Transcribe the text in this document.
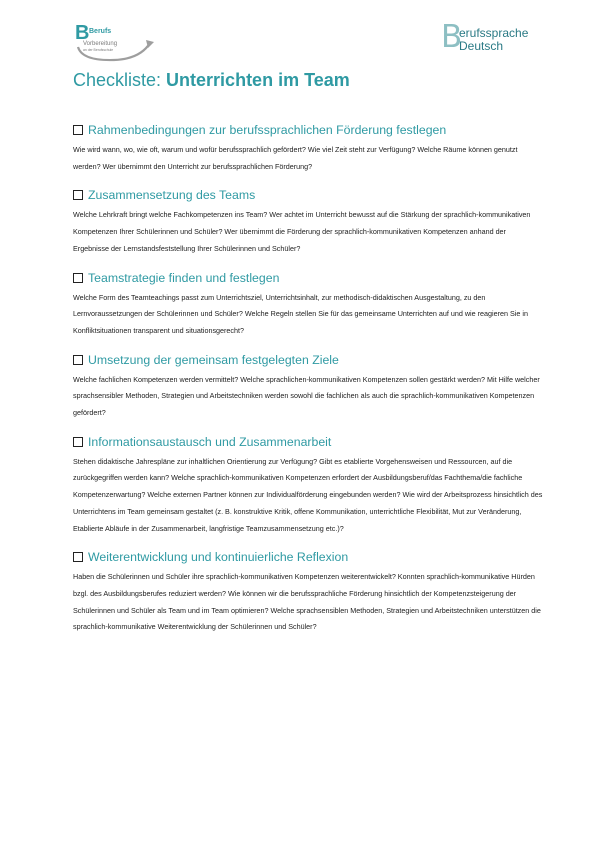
B Berufs
Vorbereitung
an der Berufsschule	B
erufssprache
Deutsch
Checkliste: Unterrichten im Team
Rahmenbedingungen zur berufssprachlichen Förderung festlegen

Wie wird wann, wo, wie oft, warum und wofür berufssprachlich gefördert? Wie viel Zeit steht zur Verfügung? Welche Räume können genutzt werden? Wer übernimmt den Unterricht zur berufssprachlichen Förderung?

Zusammensetzung des Teams

Welche Lehrkraft bringt welche Fachkompetenzen ins Team? Wer achtet im Unterricht bewusst auf die Stärkung der sprachlich-kommunikativen Kompetenzen Ihrer Schülerinnen und Schüler? Wer übernimmt die Förderung der sprachlich-kommunikativen Kompetenzen anhand der Ergebnisse der Lernstandsfeststellung Ihrer Schülerinnen und Schüler?

Teamstrategie finden und festlegen

Welche Form des Teamteachings passt zum Unterrichtsziel, Unterrichtsinhalt, zur methodisch-didaktischen Ausgestaltung, zu den Lernvoraussetzungen der Schülerinnen und Schüler? Welche Regeln stellen Sie für das gemeinsame Unterrichten auf und wie reagieren Sie in Konfliktsituationen transparent und situationsgerecht?

Umsetzung der gemeinsam festgelegten Ziele

Welche fachlichen Kompetenzen werden vermittelt? Welche sprachlichen-kommunikativen Kompetenzen sollen gestärkt werden? Mit Hilfe welcher sprachsensibler Methoden, Strategien und Arbeitstechniken werden sowohl die fachlichen als auch die sprachlich-kommunikativen Kompetenzen gefördert?

Informationsaustausch und Zusammenarbeit

Stehen didaktische Jahrespläne zur inhaltlichen Orientierung zur Verfügung? Gibt es etablierte Vorgehensweisen und Ressourcen, auf die zurückgegriffen werden kann? Welche sprachlich-kommunikativen Kompetenzen erfordert der Ausbildungsberuf/das Fachthema/die fachliche Kompetenzerwartung? Welche externen Partner können zur Individualförderung eingebunden werden? Wie wird der Arbeitsprozess hinsichtlich des Unterrichtens im Team gemeinsam gestaltet (z. B. konstruktive Kritik, offene Kommunikation, unterrichtliche Flexibilität, Mut zur Veränderung, Etablierte Abläufe in der Zusammenarbeit, langfristige Teamzusammensetzung etc.)?

Weiterentwicklung und kontinuierliche Reflexion

Haben die Schülerinnen und Schüler ihre sprachlich-kommunikativen Kompetenzen weiterentwickelt? Konnten sprachlich-kommunikative Hürden bzgl. des Ausbildungsberufes reduziert werden? Wie können wir die berufssprachliche Förderung hinsichtlich der Kompetenzsteigerung der Schülerinnen und Schüler als Team und im Team optimieren? Welche sprachsensiblen Methoden, Strategien und Arbeitstechniken unterstützen die sprachlich-kommunikative Weiterentwicklung der Schülerinnen und Schüler?
